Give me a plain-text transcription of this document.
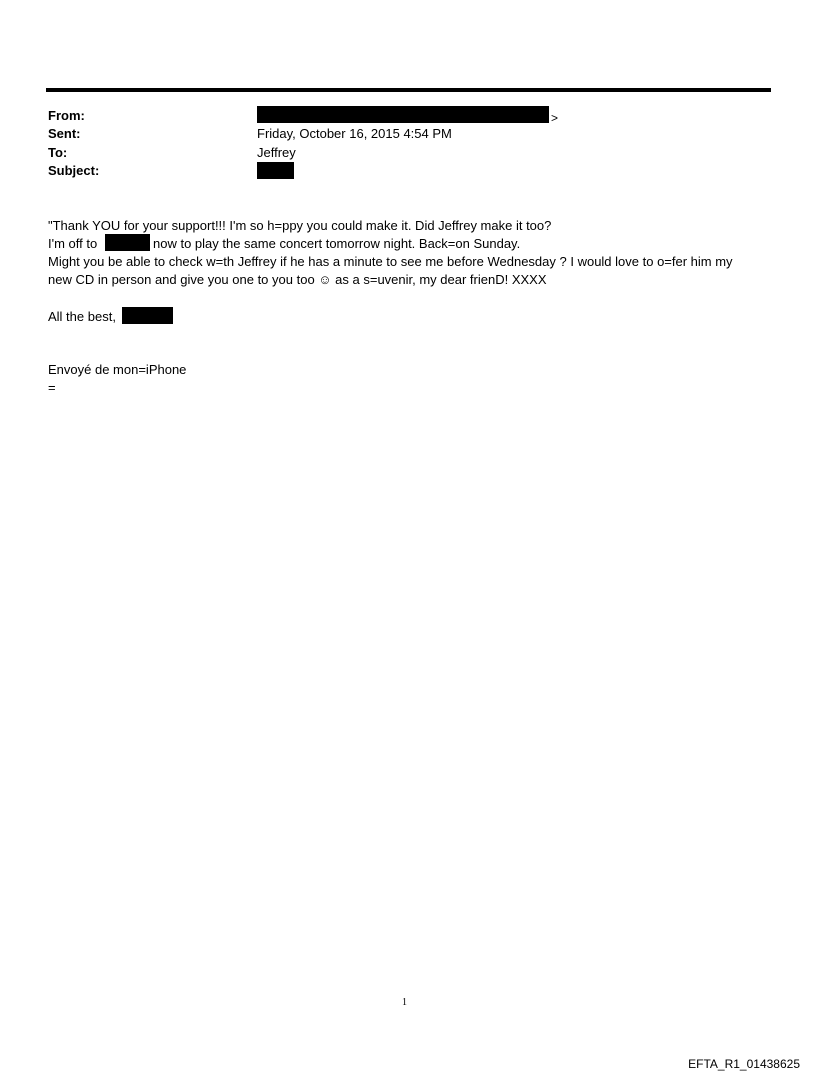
From:
Sent:
To:
Subject:
>
Friday, October 16, 2015 4:54 PM
Jeffrey
"Thank YOU for your support!!! I'm so h=ppy you could make it. Did Jeffrey make it too?
I'm off to	now to play the same concert tomorrow night. Back=on Sunday.
Might you be able to check w=th Jeffrey if he has a minute to see me before Wednesday ? I would love to o=fer him my
new CD in person and give you one to you too ☺ as a s=uvenir, my dear frienD! XXXX
All the best,
Envoyé de mon=iPhone
=
1
EFTA_R1_01438625
